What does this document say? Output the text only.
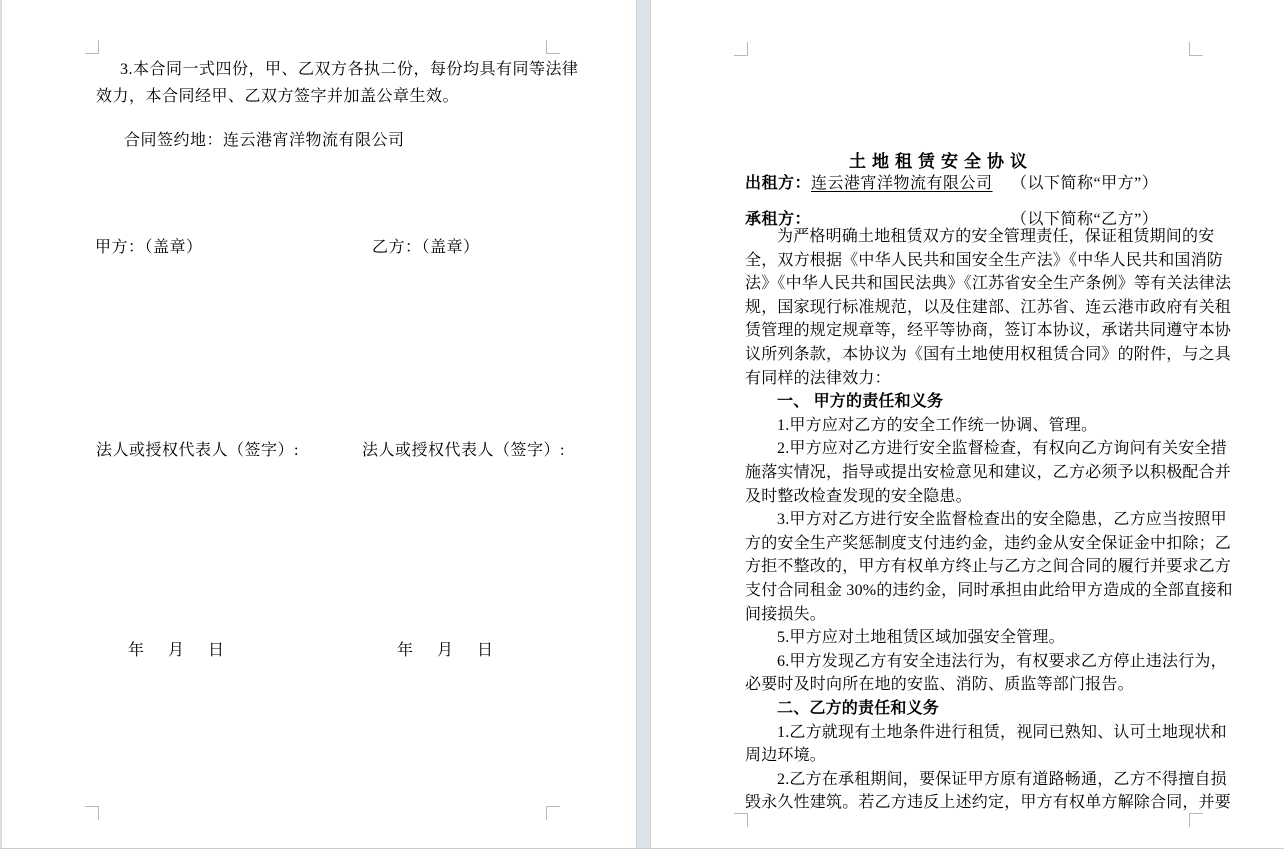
3.本合同一式四份，甲、乙双方各执二份，每份均具有同等法律
效力，本合同经甲、乙双方签字并加盖公章生效。
合同签约地：连云港宵洋物流有限公司
甲方：（盖章）	乙方：（盖章）
法人或授权代表人（签字）:	法人或授权代表人（签字）:
年 月 日	年 月 日
土地租赁安全协议
出租方：连云港宵洋物流有限公司 （以下简称“甲方”）
承租方：	（以下简称“乙方”）
为严格明确土地租赁双方的安全管理责任，保证租赁期间的安
全，双方根据《中华人民共和国安全生产法》《中华人民共和国消防
法》《中华人民共和国民法典》《江苏省安全生产条例》等有关法律法
规，国家现行标准规范，以及住建部、江苏省、连云港市政府有关租
赁管理的规定规章等，经平等协商，签订本协议，承诺共同遵守本协
议所列条款，本协议为《国有土地使用权租赁合同》的附件，与之具
有同样的法律效力：
一、 甲方的责任和义务
1.甲方应对乙方的安全工作统一协调、管理。
2.甲方应对乙方进行安全监督检查，有权向乙方询问有关安全措
施落实情况，指导或提出安检意见和建议，乙方必须予以积极配合并
及时整改检查发现的安全隐患。
3.甲方对乙方进行安全监督检查出的安全隐患，乙方应当按照甲
方的安全生产奖惩制度支付违约金，违约金从安全保证金中扣除；乙
方拒不整改的，甲方有权单方终止与乙方之间合同的履行并要求乙方
支付合同租金 30%的违约金，同时承担由此给甲方造成的全部直接和
间接损失。
5.甲方应对土地租赁区域加强安全管理。
6.甲方发现乙方有安全违法行为，有权要求乙方停止违法行为，
必要时及时向所在地的安监、消防、质监等部门报告。
二、乙方的责任和义务
1.乙方就现有土地条件进行租赁，视同已熟知、认可土地现状和
周边环境。
2.乙方在承租期间，要保证甲方原有道路畅通，乙方不得擅自损
毁永久性建筑。若乙方违反上述约定，甲方有权单方解除合同，并要
